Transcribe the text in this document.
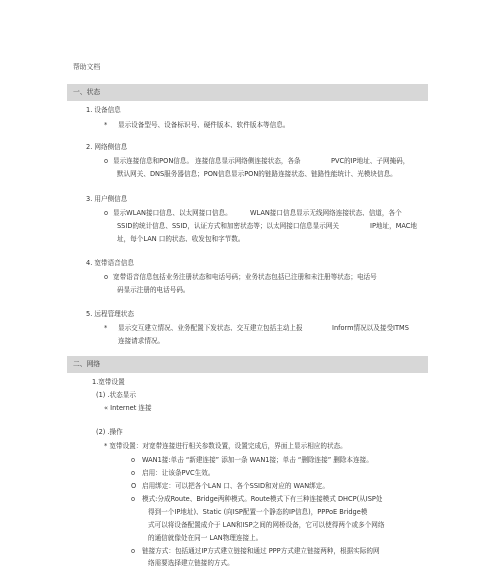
帮助文档
一、状态
1. 设备信息
* 显示设备型号、设备标识号、硬件版本、软件版本等信息。
2. 网络侧信息
o 显示连接信息和PON信息。 连接信息显示网络侧连接状态，各条	PVC的IP地址、子网掩码，
默认网关、DNS服务器信息；PON信息显示PON的链路连接状态、链路性能统计、光模块信息。
3. 用户侧信息
o 显示WLAN接口信息、以太网接口信息。	WLAN接口信息显示无线网络连接状态、信道，各个
SSID的统计信息、SSID，认证方式和加密状态等；以太网接口信息显示网关	IP地址，MAC地
址，每个LAN 口的状态、收发包和字节数。
4. 宽带语音信息
o 宽带语音信息包括业务注册状态和电话号码；业务状态包括已注册和未注册等状态；电话号
码显示注册的电话号码。
5. 远程管理状态
* 显示交互建立情况、业务配置下发状态、交互建立包括主动上报	Inform情况以及接受ITMS
连接请求情况。
二、网络
1.宽带设置
(1) .状态显示
« Internet 连接
(2) .操作
* 宽带设置：对宽带连接进行相关参数设置，设置完成后，界面上显示相应的状态。
o WAN1接:单击 “新建连接” 添加一条 WAN1接；单击 “删除连接” 删除本连接。
o 启用：让该条PVC生效。
O 启用绑定：可以把各个LAN 口、各个SSID和对应的 WAN绑定。
o 模式:分成Route、Bridge两种模式。Route模式下有三种连接模式 DHCP(从ISP处
得到一个IP地址)、Static (向ISP配置一个静态的IP信息)，PPPoE Bridge模
式可以将设备配置成介于 LAN和ISP之间的网桥设备，它可以使得两个或多个网络
的通信就像处在同一 LAN物理连接上。
o 链接方式：包括通过IP方式建立链接和通过 PPP方式建立链接两种，根据实际的网
络需要选择建立链接的方式。
